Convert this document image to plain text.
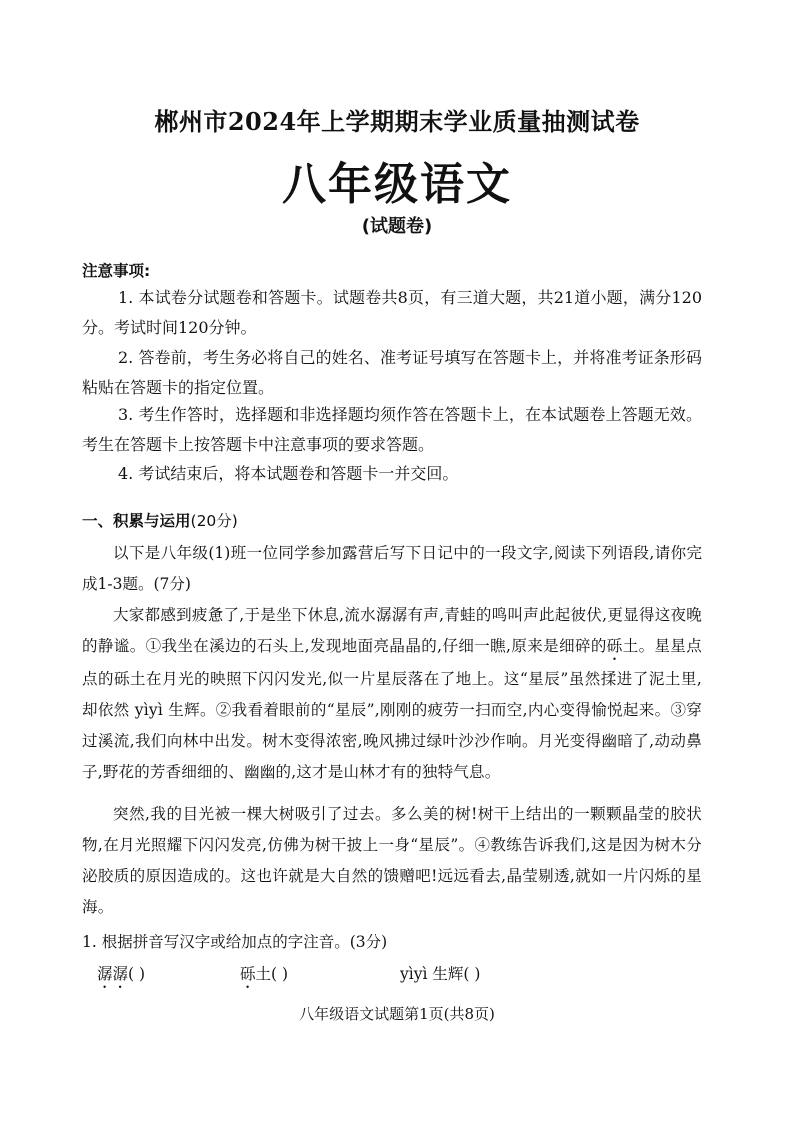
郴州市2024年上学期期末学业质量抽测试卷
八年级语文
(试题卷)
注意事项:

1. 本试卷分试题卷和答题卡。试题卷共8页，有三道大题，共21道小题，满分120分。考试时间120分钟。

2. 答卷前，考生务必将自己的姓名、准考证号填写在答题卡上，并将准考证条形码粘贴在答题卡的指定位置。

3. 考生作答时，选择题和非选择题均须作答在答题卡上，在本试题卷上答题无效。考生在答题卡上按答题卡中注意事项的要求答题。

4. 考试结束后，将本试题卷和答题卡一并交回。

一、积累与运用(20分)

以下是八年级(1)班一位同学参加露营后写下日记中的一段文字,阅读下列语段,请你完成1-3题。(7分)

大家都感到疲惫了,于是坐下休息,流水潺潺有声,青蛙的鸣叫声此起彼伏,更显得这夜晚的静谧。①我坐在溪边的石头上,发现地面亮晶晶的,仔细一瞧,原来是细碎的砾土。星星点点的砾土在月光的映照下闪闪发光,似一片星辰落在了地上。这“星辰”虽然揉进了泥土里,却依然 yìyì 生辉。②我看着眼前的“星辰”,刚刚的疲劳一扫而空,内心变得愉悦起来。③穿过溪流,我们向林中出发。树木变得浓密,晚风拂过绿叶沙沙作响。月光变得幽暗了,动动鼻子,野花的芳香细细的、幽幽的,这才是山林才有的独特气息。

突然,我的目光被一棵大树吸引了过去。多么美的树!树干上结出的一颗颗晶莹的胶状物,在月光照耀下闪闪发亮,仿佛为树干披上一身“星辰”。④教练告诉我们,这是因为树木分泌胶质的原因造成的。这也许就是大自然的馈赠吧!远远看去,晶莹剔透,就如一片闪烁的星海。

1. 根据拼音写汉字或给加点的字注音。(3分)
潺潺( )	砾土( )	yìyì 生辉( )
八年级语文试题第1页(共8页)
